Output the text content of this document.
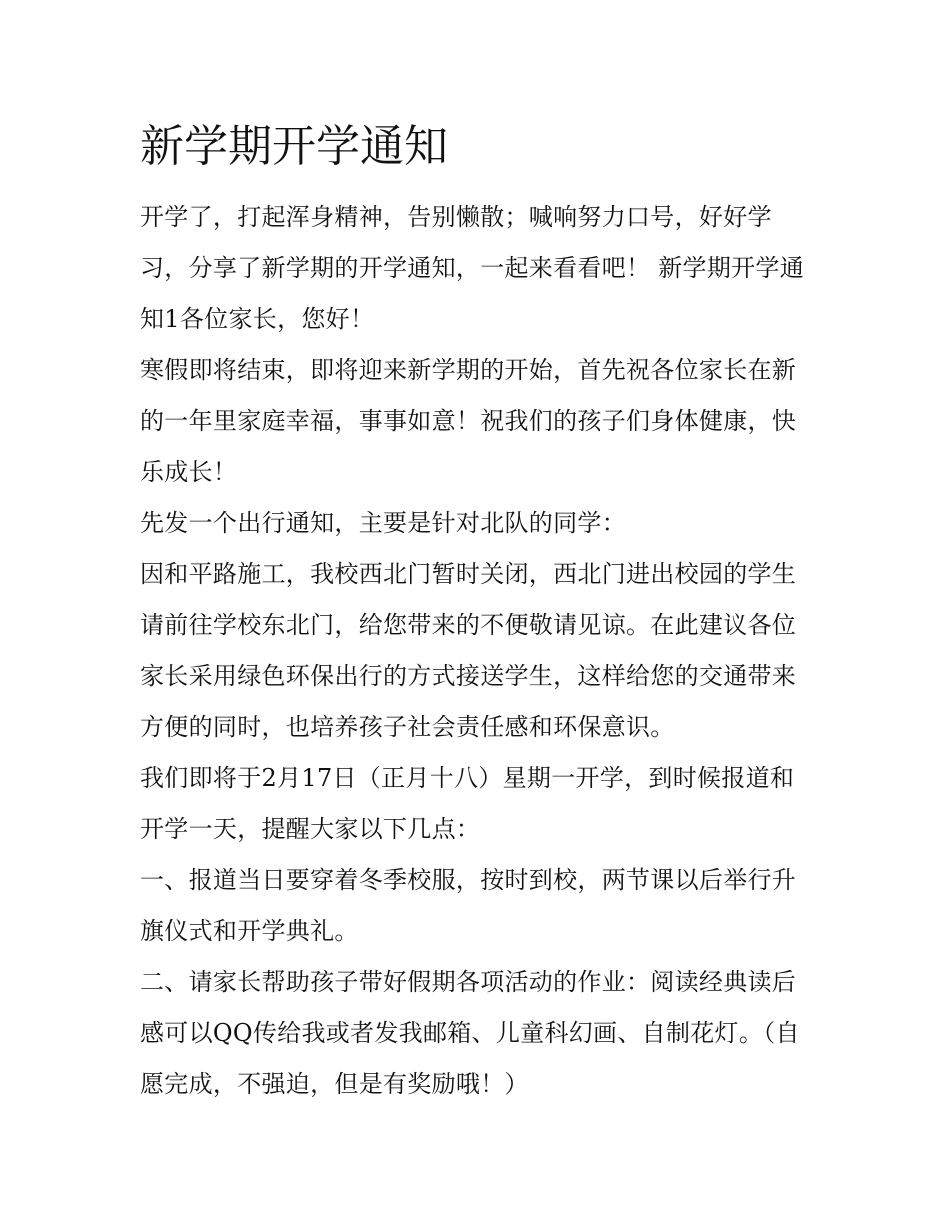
新学期开学通知

开学了，打起浑身精神，告别懒散；喊响努力口号，好好学习，分享了新学期的开学通知，一起来看看吧！ 新学期开学通知1各位家长，您好！

寒假即将结束，即将迎来新学期的开始，首先祝各位家长在新的一年里家庭幸福，事事如意！祝我们的孩子们身体健康，快乐成长！

先发一个出行通知，主要是针对北队的同学：

因和平路施工，我校西北门暂时关闭，西北门进出校园的学生请前往学校东北门，给您带来的不便敬请见谅。在此建议各位家长采用绿色环保出行的方式接送学生，这样给您的交通带来方便的同时，也培养孩子社会责任感和环保意识。

我们即将于2月17日（正月十八）星期一开学，到时候报道和开学一天，提醒大家以下几点：

一、报道当日要穿着冬季校服，按时到校，两节课以后举行升旗仪式和开学典礼。

二、请家长帮助孩子带好假期各项活动的作业：阅读经典读后感可以QQ传给我或者发我邮箱、儿童科幻画、自制花灯。（自愿完成，不强迫，但是有奖励哦！）
